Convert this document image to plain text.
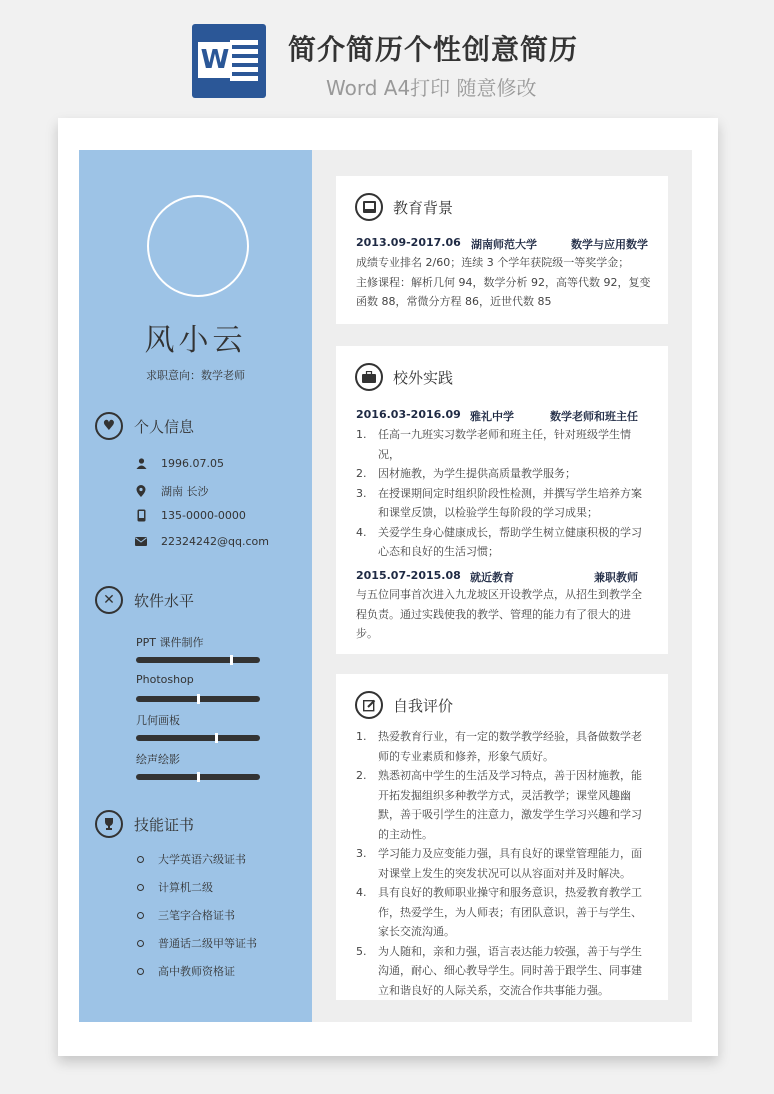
W 简介简历个性创意简历
Word A4打印 随意修改
风小云
求职意向：数学老师
♥	个人信息
1996.07.05
湖南 长沙
135-0000-0000
22324242@qq.com
✕	软件水平
PPT 课件制作
Photoshop
几何画板
绘声绘影
技能证书
大学英语六级证书
计算机二级
三笔字合格证书
普通话二级甲等证书
高中教师资格证
教育背景
2013.09-2017.06 湖南师范大学	数学与应用数学
成绩专业排名 2/60；连续 3 个学年获院级一等奖学金；
主修课程：解析几何 94，数学分析 92，高等代数 92，复变函数 88，常微分方程 86，近世代数 85
校外实践
2016.03-2016.09 雅礼中学	数学老师和班主任
1.	任高一九班实习数学老师和班主任，针对班级学生情况，
2.	因材施教，为学生提供高质量教学服务；
3.	在授课期间定时组织阶段性检测，并撰写学生培养方案和课堂反馈，以检验学生每阶段的学习成果；
4.	关爱学生身心健康成长，帮助学生树立健康积极的学习心态和良好的生活习惯；
2015.07-2015.08 就近教育	兼职教师
与五位同事首次进入九龙坡区开设教学点，从招生到教学全程负责。通过实践使我的教学、管理的能力有了很大的进步。
自我评价
1.	热爱教育行业，有一定的数学教学经验，具备做数学老师的专业素质和修养，形象气质好。
2.	熟悉初高中学生的生活及学习特点，善于因材施教，能开拓发掘组织多种教学方式，灵活教学；课堂风趣幽默，善于吸引学生的注意力，激发学生学习兴趣和学习的主动性。
3.	学习能力及应变能力强，具有良好的课堂管理能力，面对课堂上发生的突发状况可以从容面对并及时解决。
4.	具有良好的教师职业操守和服务意识，热爱教育教学工作，热爱学生，为人师表；有团队意识，善于与学生、家长交流沟通。
5.	为人随和，亲和力强，语言表达能力较强，善于与学生沟通，耐心、细心教导学生。同时善于跟学生、同事建立和谐良好的人际关系，交流合作共事能力强。
